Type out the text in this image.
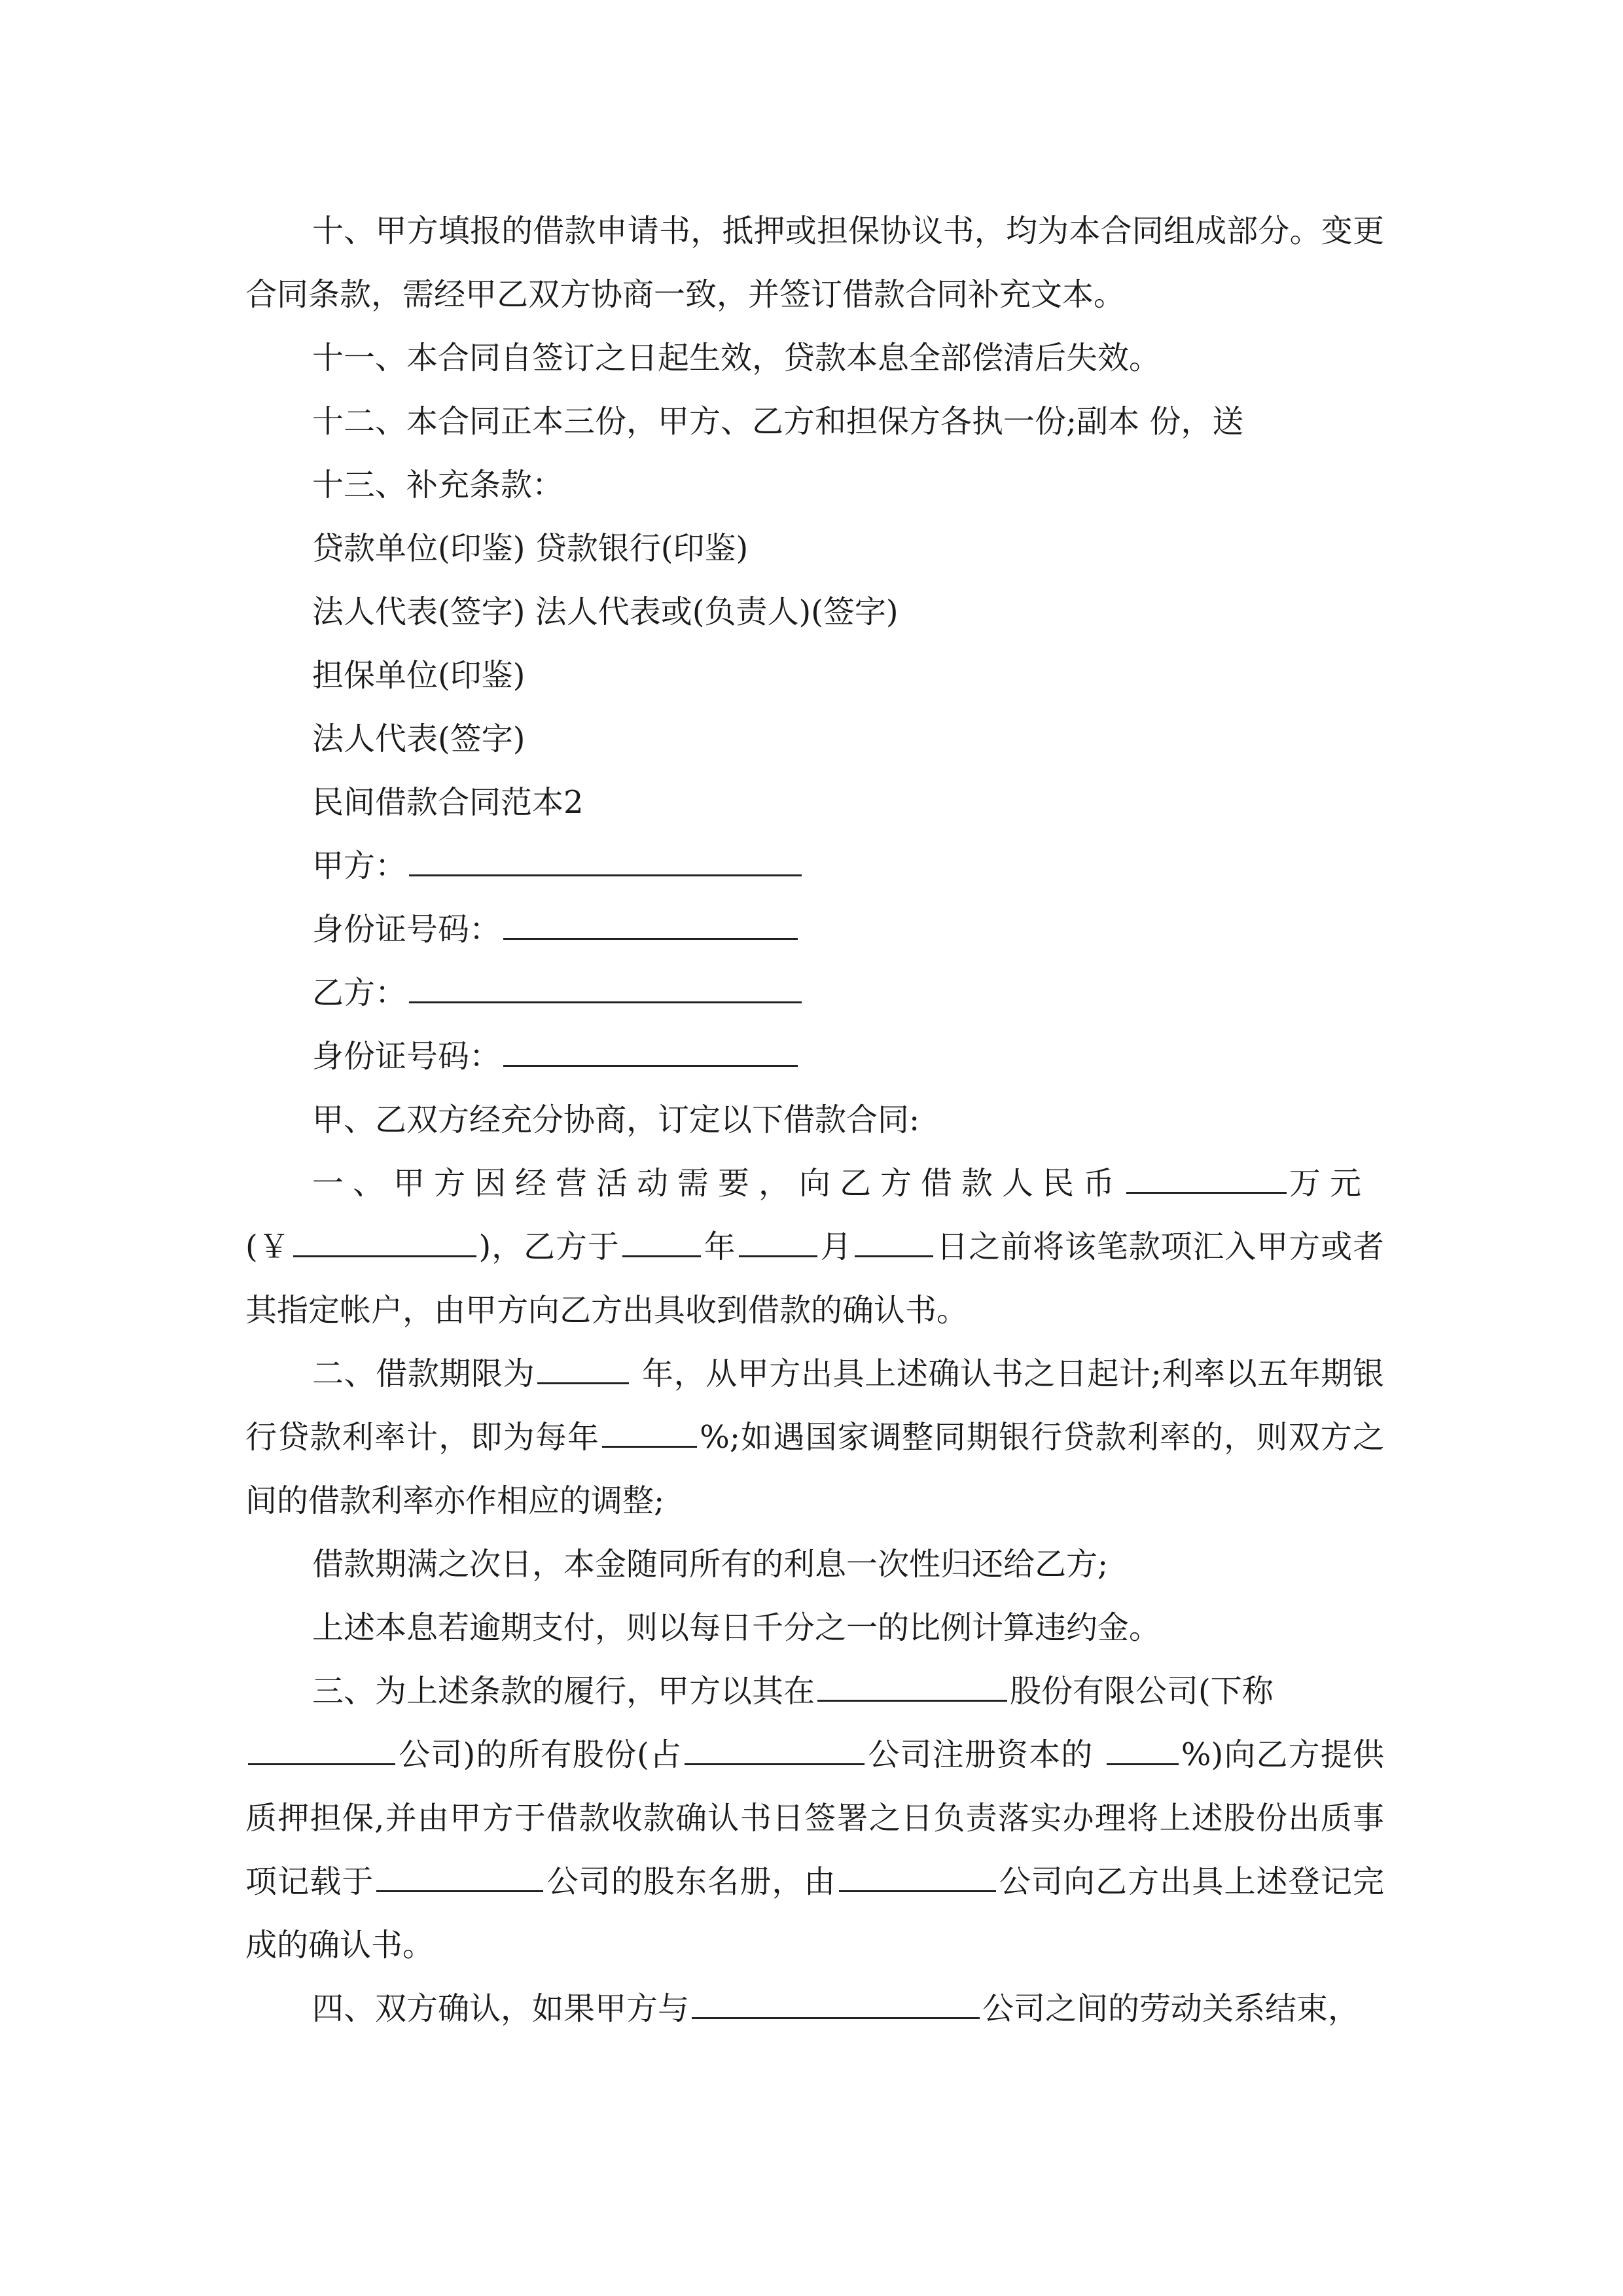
十、甲方填报的借款申请书，抵押或担保协议书，均为本合同组成部分。变更合同条款，需经甲乙双方协商一致，并签订借款合同补充文本。

十一、本合同自签订之日起生效，贷款本息全部偿清后失效。

十二、本合同正本三份，甲方、乙方和担保方各执一份;副本 份，送

十三、补充条款：

贷款单位(印鉴) 贷款银行(印鉴)

法人代表(签字) 法人代表或(负责人)(签字)

担保单位(印鉴)

法人代表(签字)

民间借款合同范本2

甲方：

身份证号码：

乙方：

身份证号码：

甲、乙双方经充分协商，订定以下借款合同:

一、甲方因经营活动需要，向乙方借款人民币	万元
(￥	)，乙方于	年	月	日之前将该笔款项汇入甲方或者其指定帐户，由甲方向乙方出具收到借款的确认书。

二、借款期限为	年，从甲方出具上述确认书之日起计;利率以五年期银行贷款利率计，即为每年	%;如遇国家调整同期银行贷款利率的，则双方之间的借款利率亦作相应的调整;

借款期满之次日，本金随同所有的利息一次性归还给乙方;

上述本息若逾期支付，则以每日千分之一的比例计算违约金。

三、为上述条款的履行，甲方以其在	股份有限公司(下称
公司)的所有股份(占	公司注册资本的 %)向乙方提供质押担保,并由甲方于借款收款确认书日签署之日负责落实办理将上述股份出质事项记载于	公司的股东名册，由	公司向乙方出具上述登记完成的确认书。

四、双方确认，如果甲方与	公司之间的劳动关系结束，
